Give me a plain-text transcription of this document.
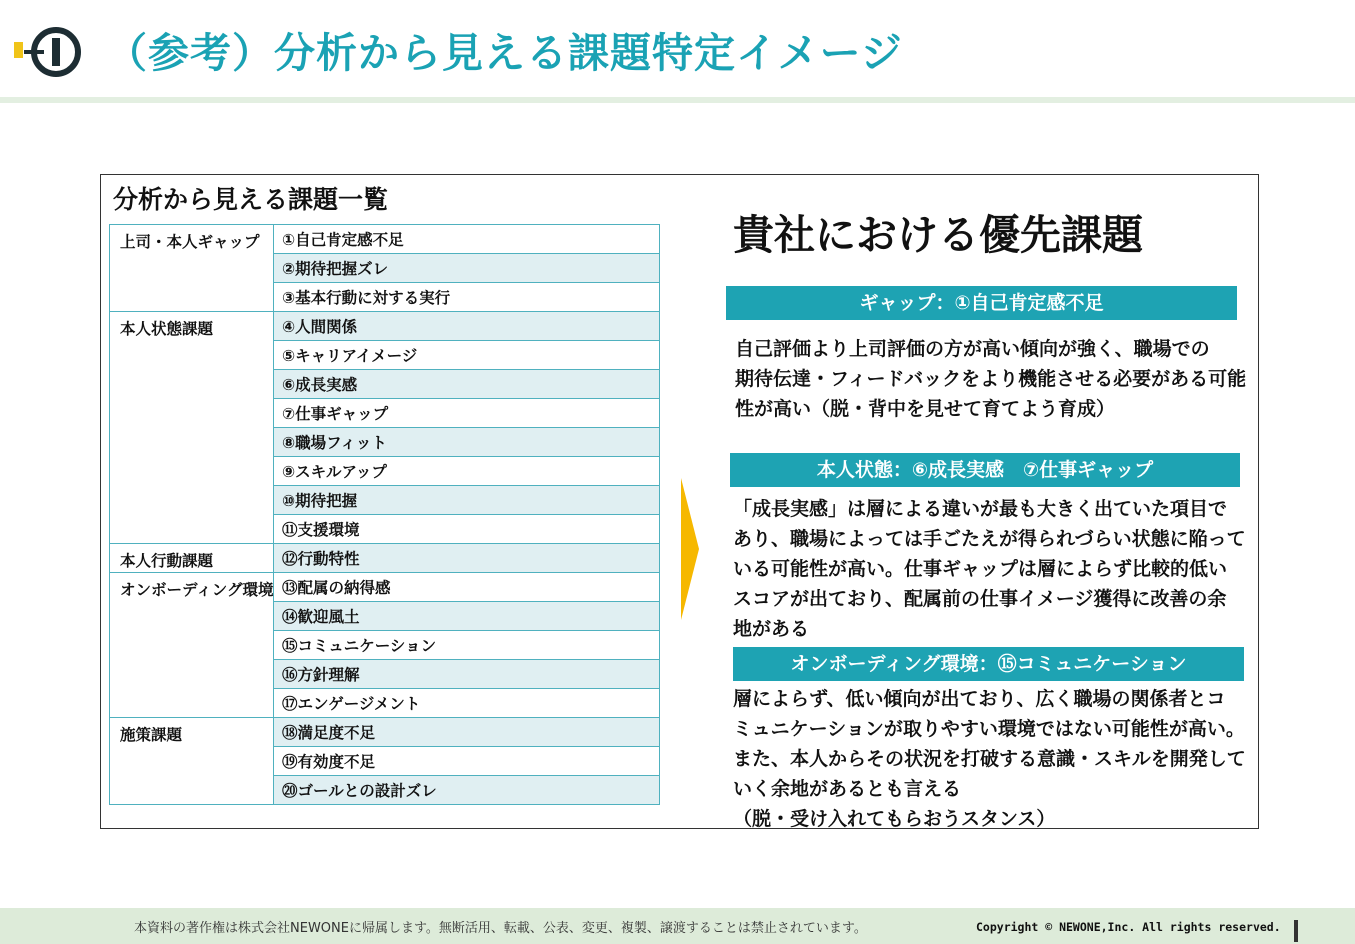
（参考）分析から見える課題特定イメージ
分析から見える課題一覧
上司・本人ギャップ	①自己肯定感不足
	②期待把握ズレ
	③基本行動に対する実行
本人状態課題	④人間関係
	⑤キャリアイメージ
	⑥成長実感
	⑦仕事ギャップ
	⑧職場フィット
	⑨スキルアップ
	⑩期待把握
	⑪支援環境
本人行動課題	⑫行動特性
オンボーディング環境	⑬配属の納得感
	⑭歓迎風土
	⑮コミュニケーション
	⑯方針理解
	⑰エンゲージメント
施策課題	⑱満足度不足
	⑲有効度不足
	⑳ゴールとの設計ズレ
貴社における優先課題
ギャップ：①自己肯定感不足
自己評価より上司評価の方が高い傾向が強く、職場での
期待伝達・フィードバックをより機能させる必要がある可能
性が高い（脱・背中を見せて育てよう育成）
本人状態：⑥成長実感　⑦仕事ギャップ
「成長実感」は層による違いが最も大きく出ていた項目で
あり、職場によっては手ごたえが得られづらい状態に陥って
いる可能性が高い。仕事ギャップは層によらず比較的低い
スコアが出ており、配属前の仕事イメージ獲得に改善の余
地がある
オンボーディング環境：⑮コミュニケーション
層によらず、低い傾向が出ており、広く職場の関係者とコ
ミュニケーションが取りやすい環境ではない可能性が高い。
また、本人からその状況を打破する意識・スキルを開発して
いく余地があるとも言える
（脱・受け入れてもらおうスタンス）
本資料の著作権は株式会社NEWONEに帰属します。無断活用、転載、公表、変更、複製、譲渡することは禁止されています。	Copyright © NEWONE,Inc. All rights reserved.
